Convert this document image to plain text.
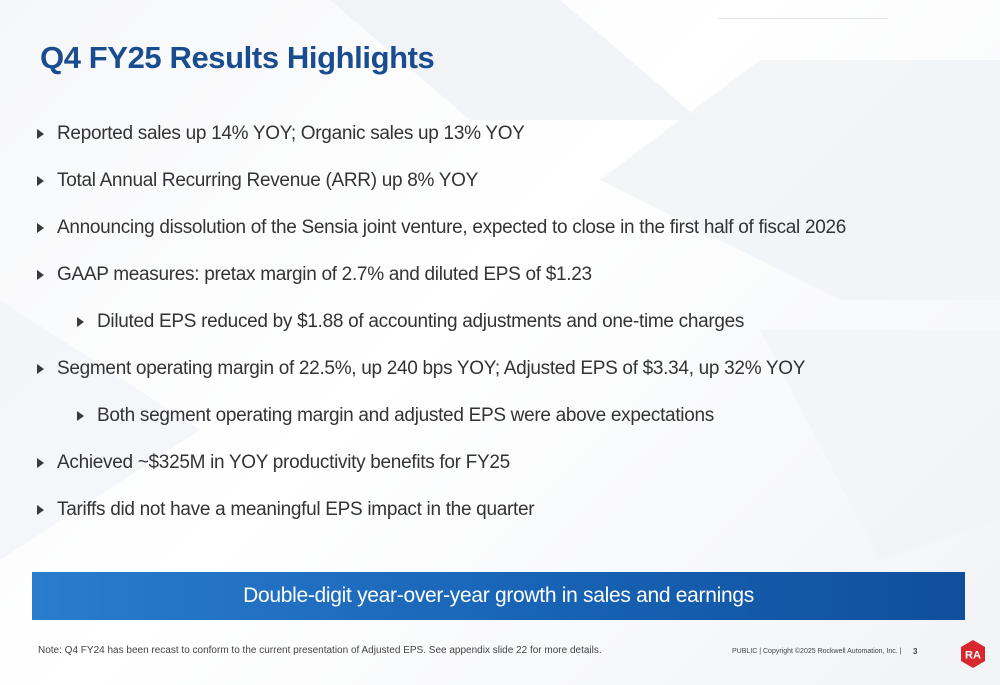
Q4 FY25 Results Highlights
Reported sales up 14% YOY; Organic sales up 13% YOY
Total Annual Recurring Revenue (ARR) up 8% YOY
Announcing dissolution of the Sensia joint venture, expected to close in the first half of fiscal 2026
GAAP measures: pretax margin of 2.7% and diluted EPS of $1.23
Diluted EPS reduced by $1.88 of accounting adjustments and one-time charges
Segment operating margin of 22.5%, up 240 bps YOY; Adjusted EPS of $3.34, up 32% YOY
Both segment operating margin and adjusted EPS were above expectations
Achieved ~$325M in YOY productivity benefits for FY25
Tariffs did not have a meaningful EPS impact in the quarter
Double-digit year-over-year growth in sales and earnings
Note: Q4 FY24 has been recast to conform to the current presentation of Adjusted EPS. See appendix slide 22 for more details.	PUBLIC | Copyright ©2025 Rockwell Automation, Inc. | 3	RA
